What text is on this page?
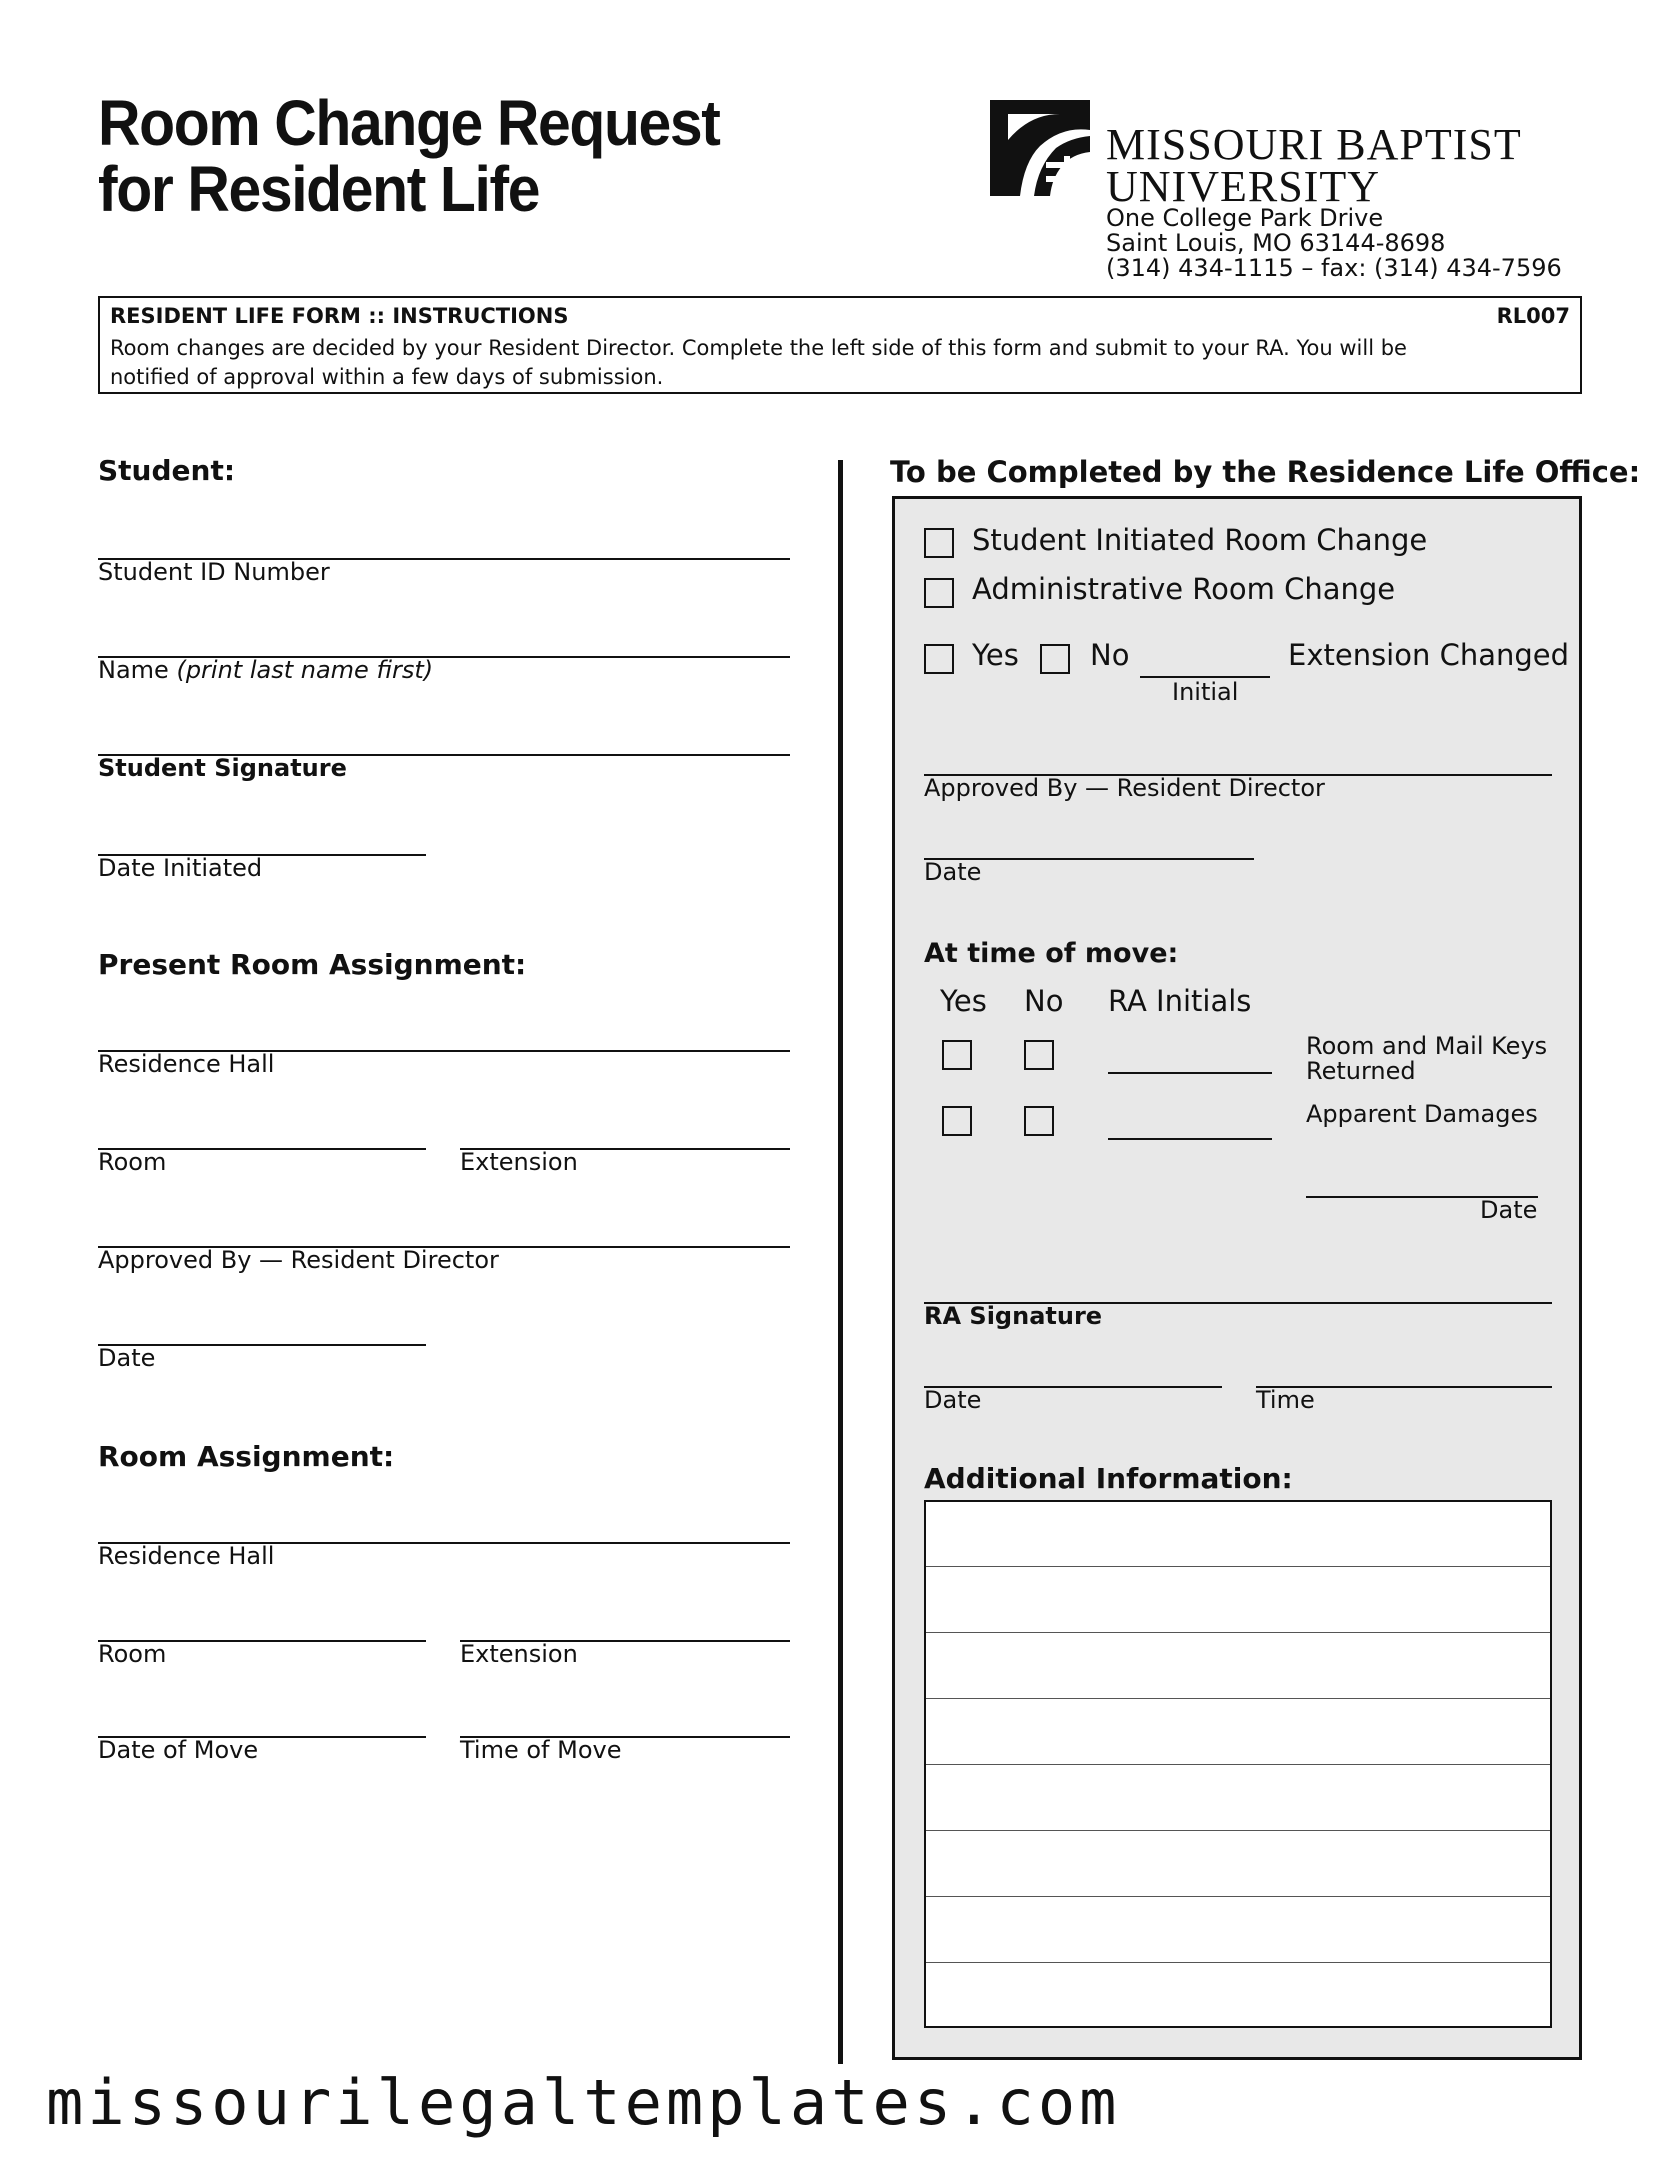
Room Change Request
for Resident Life
MISSOURI BAPTIST
UNIVERSITY
One College Park Drive
Saint Louis, MO 63144-8698
(314) 434-1115 – fax: (314) 434-7596
RESIDENT LIFE FORM :: INSTRUCTIONS	RL007
Room changes are decided by your Resident Director. Complete the left side of this form and submit to your RA. You will be notified of approval within a few days of submission.
Student:
Student ID Number
Name (print last name first)
Student Signature
Date Initiated
Present Room Assignment:
Residence Hall
Room	Extension
Approved By — Resident Director
Date
Room Assignment:
Residence Hall
Room	Extension
Date of Move	Time of Move
To be Completed by the Residence Life Office:
Student Initiated Room Change
Administrative Room Change
Yes No
Initial
Extension Changed
Approved By — Resident Director
Date
At time of move:
Yes No RA Initials
Room and Mail Keys
Returned
Apparent Damages
Date
RA Signature
Date	Time
Additional Information:
missourilegaltemplates.com
